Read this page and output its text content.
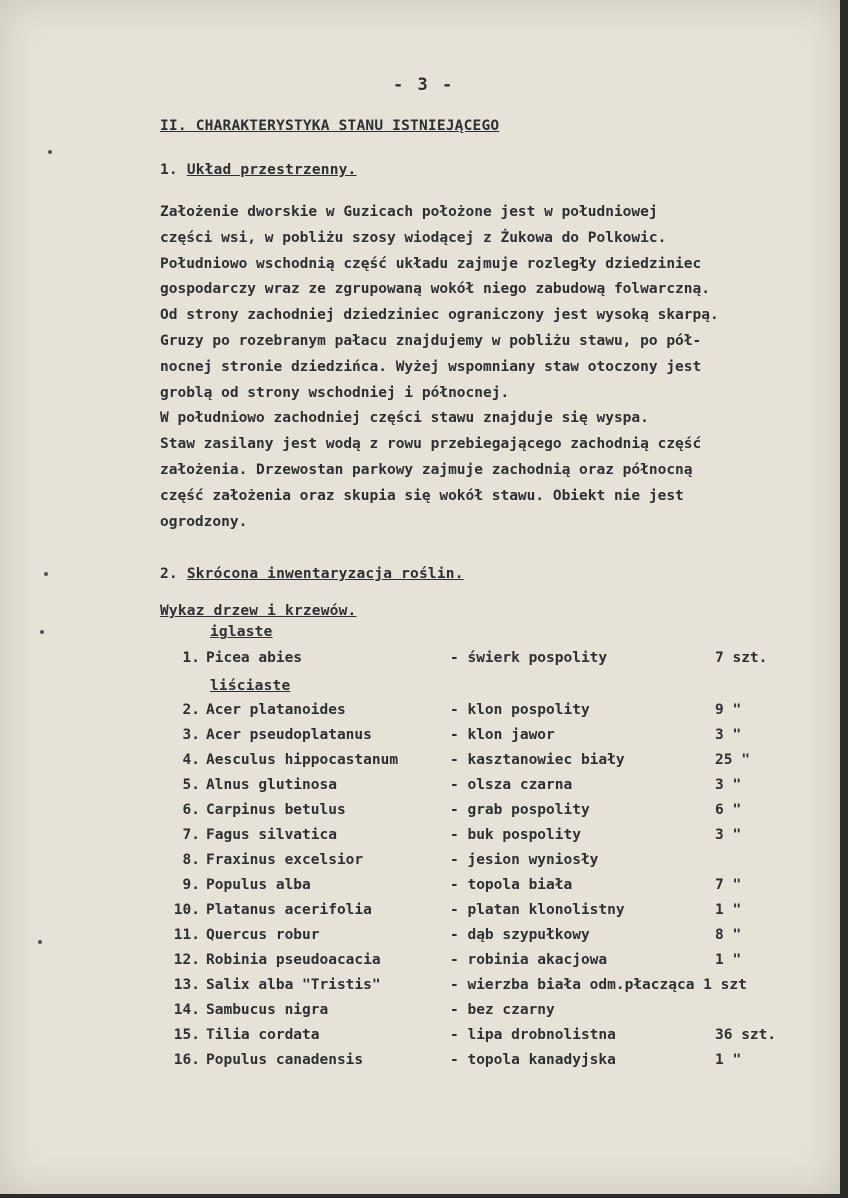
- 3 -
II. CHARAKTERYSTYKA STANU ISTNIEJĄCEGO
1. Układ przestrzenny.
Założenie dworskie w Guzicach położone jest w południowej
części wsi, w pobliżu szosy wiodącej z Żukowa do Polkowic.
Południowo wschodnią część układu zajmuje rozległy dziedziniec
gospodarczy wraz ze zgrupowaną wokół niego zabudową folwarczną.
Od strony zachodniej dziedziniec ograniczony jest wysoką skarpą.
Gruzy po rozebranym pałacu znajdujemy w pobliżu stawu, po pół-
nocnej stronie dziedzińca. Wyżej wspomniany staw otoczony jest
groblą od strony wschodniej i północnej.
W południowo zachodniej części stawu znajduje się wyspa.
Staw zasilany jest wodą z rowu przebiegającego zachodnią część
założenia. Drzewostan parkowy zajmuje zachodnią oraz północną
część założenia oraz skupia się wokół stawu. Obiekt nie jest
ogrodzony.
2. Skrócona inwentaryzacja roślin.
Wykaz drzew i krzewów.
iglaste
liściaste
1. Picea abies	- świerk pospolity	7 szt.
2. Acer platanoides	- klon pospolity	9 "
3. Acer pseudoplatanus	- klon jawor	3 "
4. Aesculus hippocastanum	- kasztanowiec biały	25 "
5. Alnus glutinosa	- olsza czarna	3 "
6. Carpinus betulus	- grab pospolity	6 "
7. Fagus silvatica	- buk pospolity	3 "
8. Fraxinus excelsior	- jesion wyniosły
9. Populus alba	- topola biała	7 "
10. Platanus acerifolia	- platan klonolistny	1 "
11. Quercus robur	- dąb szypułkowy	8 "
12. Robinia pseudoacacia	- robinia akacjowa	1 "
13. Salix alba "Tristis"	- wierzba biała odm.płacząca 1 szt
14. Sambucus nigra	- bez czarny
15. Tilia cordata	- lipa drobnolistna	36 szt.
16. Populus canadensis	- topola kanadyjska	1 "
